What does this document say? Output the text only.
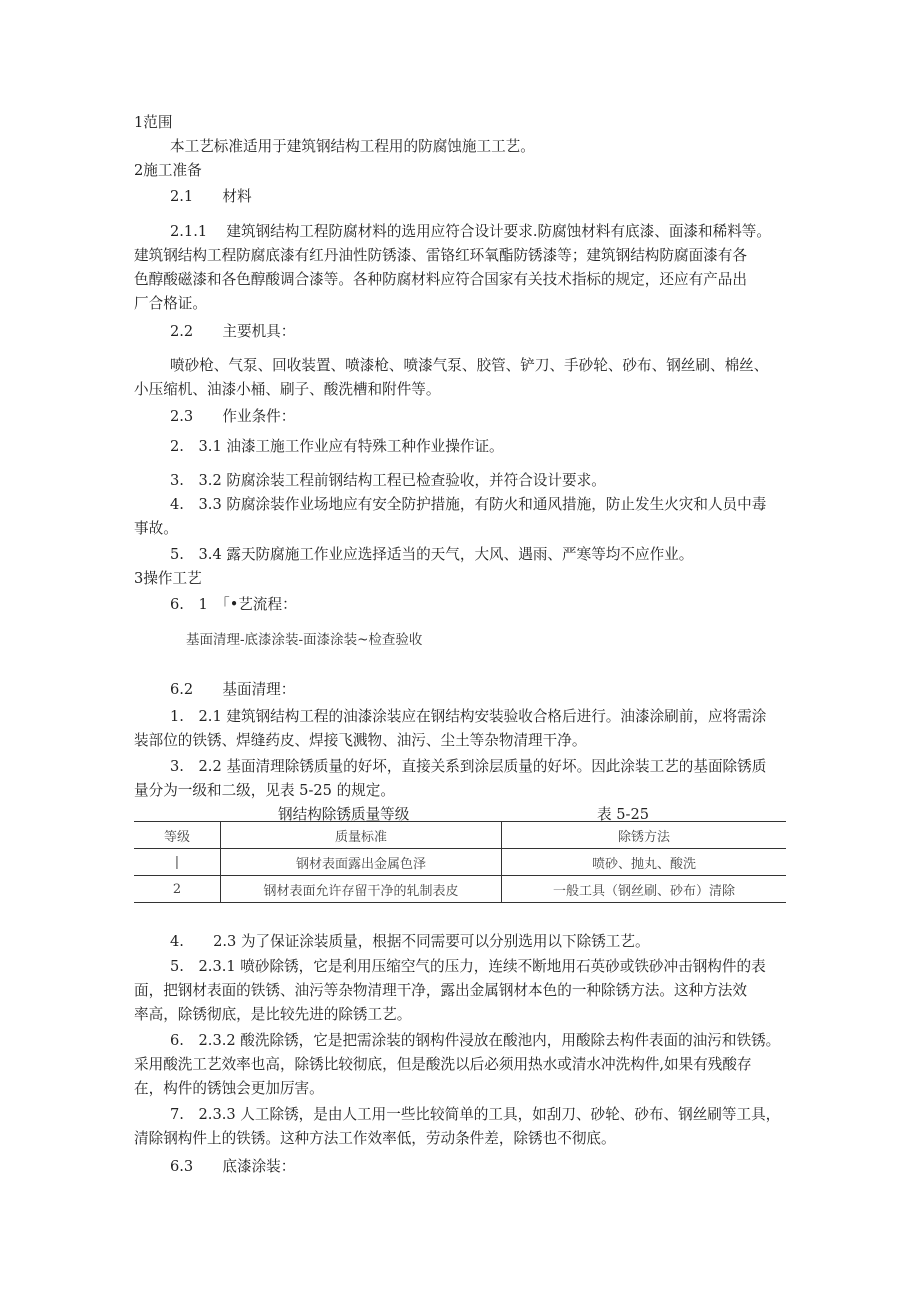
1范围
本工艺标准适用于建筑钢结构工程用的防腐蚀施工工艺。
2施工准备
2.1　　材料
2.1.1　 建筑钢结构工程防腐材料的选用应符合设计要求.防腐蚀材料有底漆、面漆和稀料等。
建筑钢结构工程防腐底漆有红丹油性防锈漆、雷铬红环氧酯防锈漆等；建筑钢结构防腐面漆有各
色醇酸磁漆和各色醇酸调合漆等。各种防腐材料应符合国家有关技术指标的规定，还应有产品出
厂合格证。
2.2　　主要机具：
喷砂枪、气泵、回收装置、喷漆枪、喷漆气泵、胶管、铲刀、手砂轮、砂布、钢丝刷、棉丝、
小压缩机、油漆小桶、刷子、酸洗槽和附件等。
2.3　　作业条件：
2.　3.1 油漆工施工作业应有特殊工种作业操作证。
3.　3.2 防腐涂装工程前钢结构工程已检查验收，并符合设计要求。
4.　3.3 防腐涂装作业场地应有安全防护措施，有防火和通风措施，防止发生火灾和人员中毒
事故。
5.　3.4 露天防腐施工作业应选择适当的天气，大风、遇雨、严寒等均不应作业。
3操作工艺
6.　1　「•艺流程：
基面清理-底漆涂装-面漆涂装~检查验收
6.2　　基面清理：
1.　2.1 建筑钢结构工程的油漆涂装应在钢结构安装验收合格后进行。油漆涂刷前，应将需涂
装部位的铁锈、焊缝药皮、焊接飞溅物、油污、尘土等杂物清理干净。
3.　2.2 基面清理除锈质量的好坏，直接关系到涂层质量的好坏。因此涂装工艺的基面除锈质
量分为一级和二级，见表 5-25 的规定。
钢结构除锈质量等级	表 5-25
等级	质量标准	除锈方法
|	钢材表面露出金属色泽	喷砂、抛丸、酸洗
2	钢材表面允许存留干净的轧制表皮	一般工具（钢丝刷、砂布）清除
4.　　2.3 为了保证涂装质量，根据不同需要可以分别选用以下除锈工艺。
5.　2.3.1 喷砂除锈，它是利用压缩空气的压力，连续不断地用石英砂或铁砂冲击钢构件的表
面，把钢材表面的铁锈、油污等杂物清理干净，露出金属钢材本色的一种除锈方法。这种方法效
率高，除锈彻底，是比较先进的除锈工艺。
6.　2.3.2 酸洗除锈，它是把需涂装的钢构件浸放在酸池内，用酸除去构件表面的油污和铁锈。
采用酸洗工艺效率也高，除锈比较彻底，但是酸洗以后必须用热水或清水冲洗构件,如果有残酸存
在，构件的锈蚀会更加厉害。
7.　2.3.3 人工除锈，是由人工用一些比较简单的工具，如刮刀、砂轮、砂布、钢丝刷等工具，
清除钢构件上的铁锈。这种方法工作效率低，劳动条件差，除锈也不彻底。
6.3　　底漆涂装：
